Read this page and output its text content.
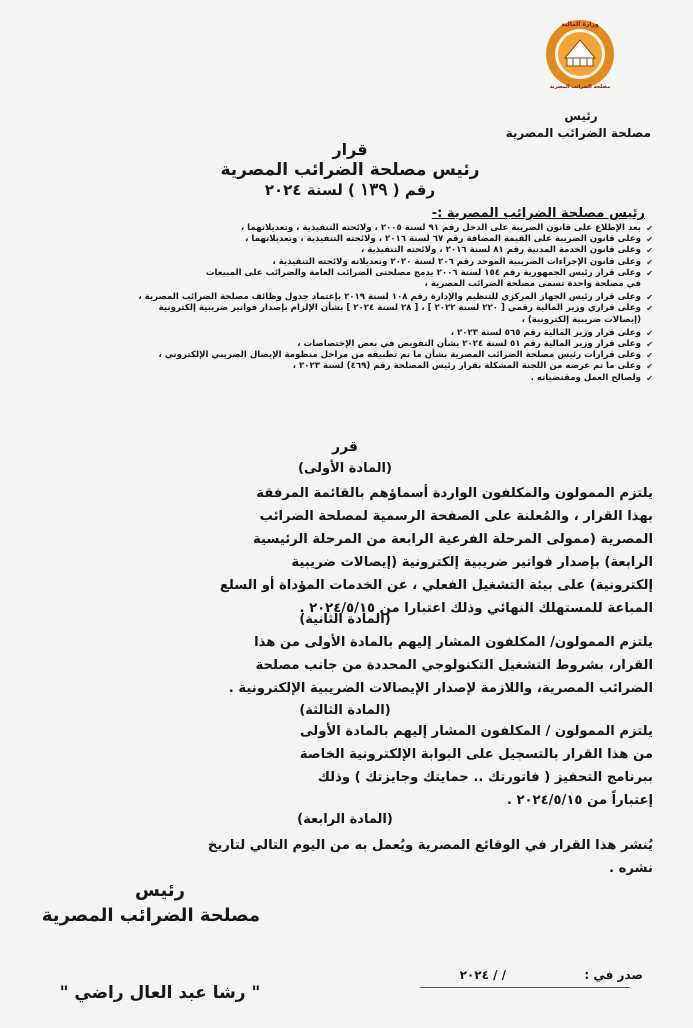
وزارة المالية
مصلحة الضرائب المصرية
رئيس
مصلحة الضرائب المصرية
قرار
رئيس مصلحة الضرائب المصرية
رقم ( ١٣٩ ) لسنة ٢٠٢٤
رئيس مصلحة الضرائب المصرية :-
✔
بعد الإطلاع على قانون الضريبة على الدخل رقم ٩١ لسنة ٢٠٠٥ ، ولائحته التنفيذية ، وتعديلاتهما ،
✔
وعلى قانون الضريبة على القيمة المضافة رقم ٦٧ لسنة ٢٠١٦ ، ولائحته التنفيذية ، وتعديلاتهما ،
✔
وعلى قانون الخدمة المدنية رقم ٨١ لسنة ٢٠١٦ ، ولائحته التنفيذية ،
✔
وعلى قانون الإجراءات الضريبية الموحد رقم ٢٠٦ لسنة ٢٠٢٠ وتعديلاته ولائحته التنفيذية ،
✔
وعلى قرار رئيس الجمهورية رقم ١٥٤ لسنة ٢٠٠٦ بدمج مصلحتى الضرائب العامة والضرائب على المبيعات
في مصلحة واحدة تسمى مصلحة الضرائب المصرية ،
✔
وعلى قرار رئيس الجهاز المركزي للتنظيم والإدارة رقم ١٠٨ لسنة ٢٠١٩ بإعتماد جدول وظائف مصلحة الضرائب المصرية ،
✔
وعلى قراري وزير المالية رقمي [ ٢٢٠ لسنة ٢٠٢٢ ] ، [ ٢٨ لسنة ٢٠٢٤ ] بشأن الإلزام بإصدار فواتير ضريبية إلكترونية
(إيصالات ضريبية إلكترونية) ،
✔
وعلى قرار وزير المالية رقم ٥٦٥ لسنة ٢٠٢٣ ،
✔
وعلى قرار وزير المالية رقم ٥١ لسنة ٢٠٢٤ بشأن التفويض في بعض الإختصاصات ،
✔
وعلى قرارات رئيس مصلحة الضرائب المصرية بشأن ما تم تطبيقه من مراحل منظومة الإيصال الضريبي الإلكتروني ،
✔
وعلى ما تم عرضه من اللجنة المشكلة بقرار رئيس المصلحة رقم (٤٦٩) لسنة ٢٠٢٣ ،
✔
ولصالح العمل ومقتضياته .
قرر
(المادة الأولى)
يلتزم الممولون والمكلفون الواردة أسماؤهم بالقائمة المرفقة
بهذا القرار ، والمُعلنة على الصفحة الرسمية لمصلحة الضرائب
المصرية (ممولى المرحلة الفرعية الرابعة من المرحلة الرئيسية
الرابعة) بإصدار فواتير ضريبية إلكترونية (إيصالات ضريبية
إلكترونية) على بيئة التشغيل الفعلي ، عن الخدمات المؤداة أو السلع
المباعة للمستهلك النهائي وذلك اعتبارا من ٢٠٢٤/٥/١٥ .
(المادة الثانية)
يلتزم الممولون/ المكلفون المشار إليهم بالمادة الأولى من هذا
القرار، بشروط التشغيل التكنولوجي المحددة من جانب مصلحة
الضرائب المصرية، واللازمة لإصدار الإيصالات الضريبية الإلكترونية .
(المادة الثالثة)
يلتزم الممولون / المكلفون المشار إليهم بالمادة الأولى
من هذا القرار بالتسجيل على البوابة الإلكترونية الخاصة
ببرنامج التحفيز ( فاتورتك .. حمايتك وجايزتك ) وذلك
إعتباراً من ٢٠٢٤/٥/١٥ .
(المادة الرابعة)
يُنشر هذا القرار في الوقائع المصرية ويُعمل به من اليوم التالي لتاريخ
نشره .
رئيس
مصلحة الضرائب المصرية
" رشا عبد العال راضي "
صدر في :  / / ٢٠٢٤
